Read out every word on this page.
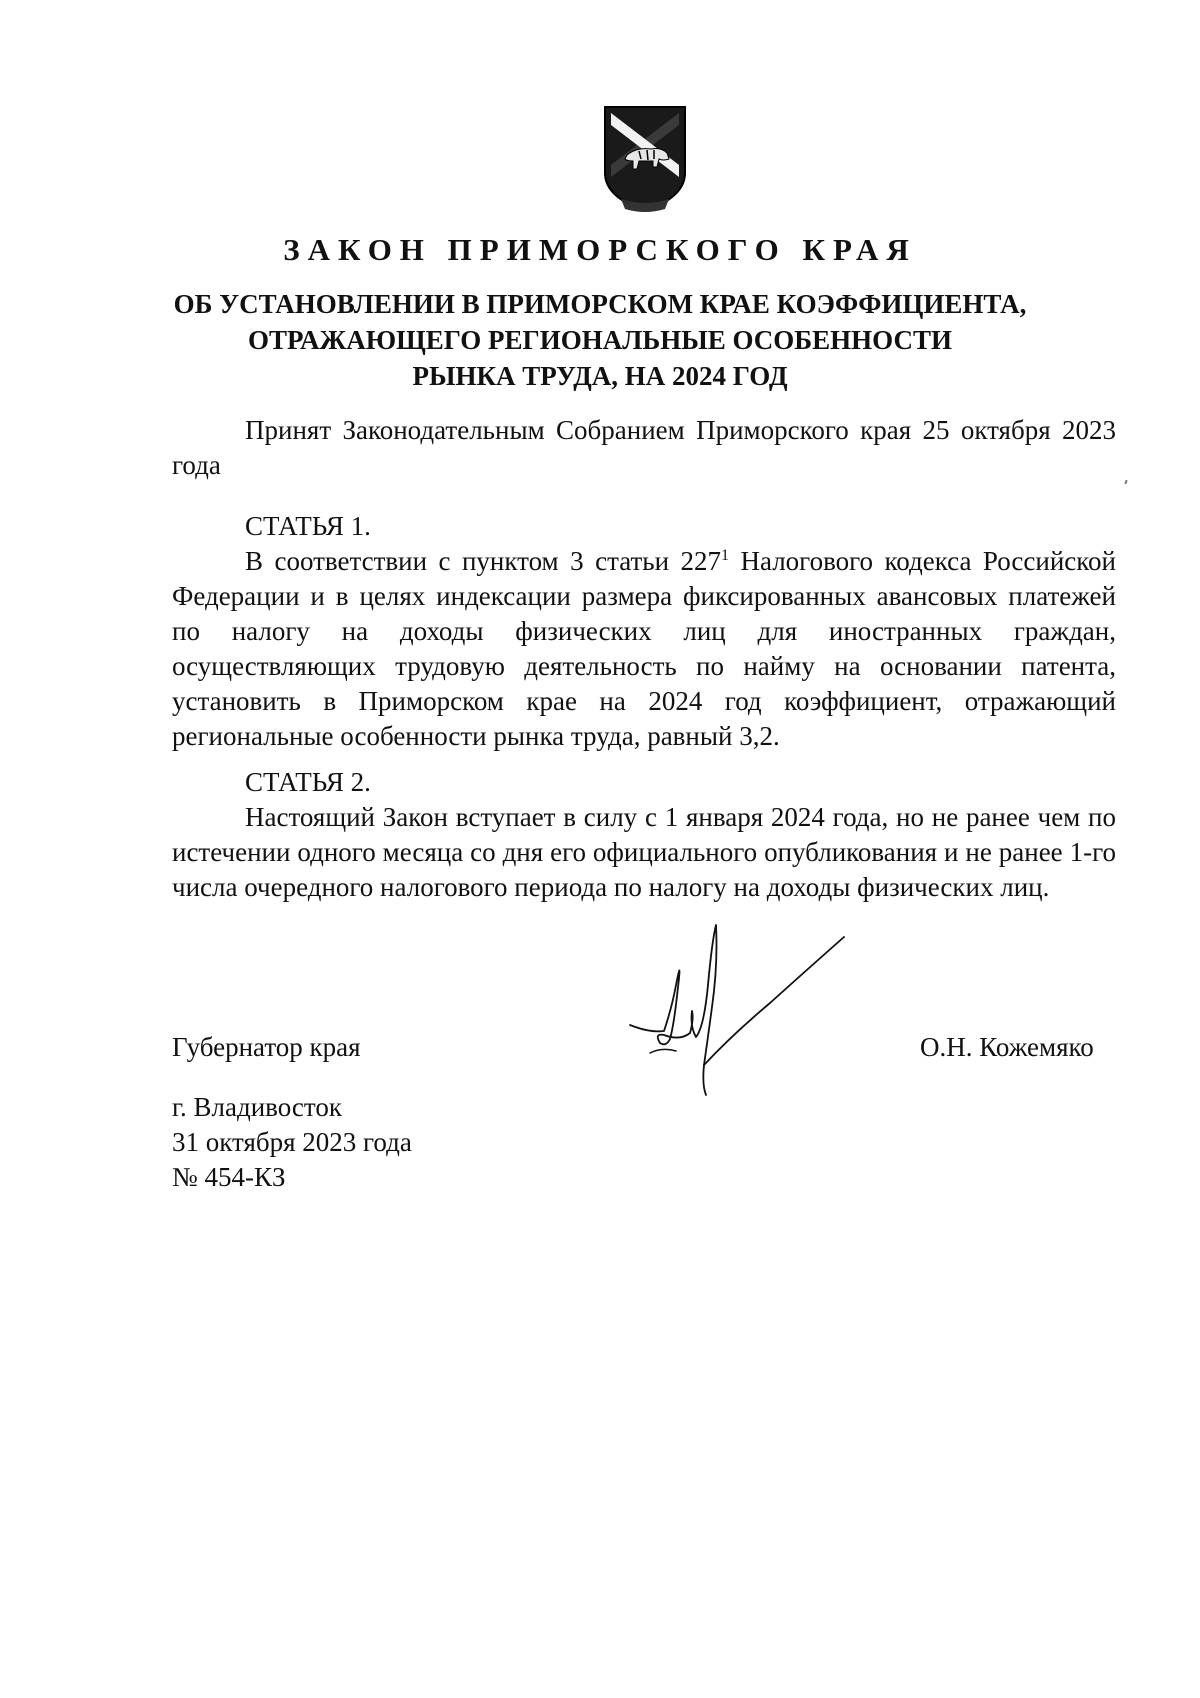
ЗАКОН ПРИМОРСКОГО КРАЯ
ОБ УСТАНОВЛЕНИИ В ПРИМОРСКОМ КРАЕ КОЭФФИЦИЕНТА,
ОТРАЖАЮЩЕГО РЕГИОНАЛЬНЫЕ ОСОБЕННОСТИ
РЫНКА ТРУДА, НА 2024 ГОД
Принят Законодательным Собранием Приморского края 25 октября 2023 года
СТАТЬЯ 1.
В соответствии с пунктом 3 статьи $227^1$ Налогового кодекса Российской Федерации и в целях индексации размера фиксированных авансовых платежей по налогу на доходы физических лиц для иностранных граждан, осуществляющих трудовую деятельность по найму на основании патента, установить в Приморском крае на 2024 год коэффициент, отражающий региональные особенности рынка труда, равный 3,2.
СТАТЬЯ 2.
Настоящий Закон вступает в силу с 1 января 2024 года, но не ранее чем по истечении одного месяца со дня его официального опубликования и не ранее 1-го числа очередного налогового периода по налогу на доходы физических лиц.
Губернатор края	О.Н. Кожемяко
г. Владивосток
31 октября 2023 года
№ 454-КЗ
